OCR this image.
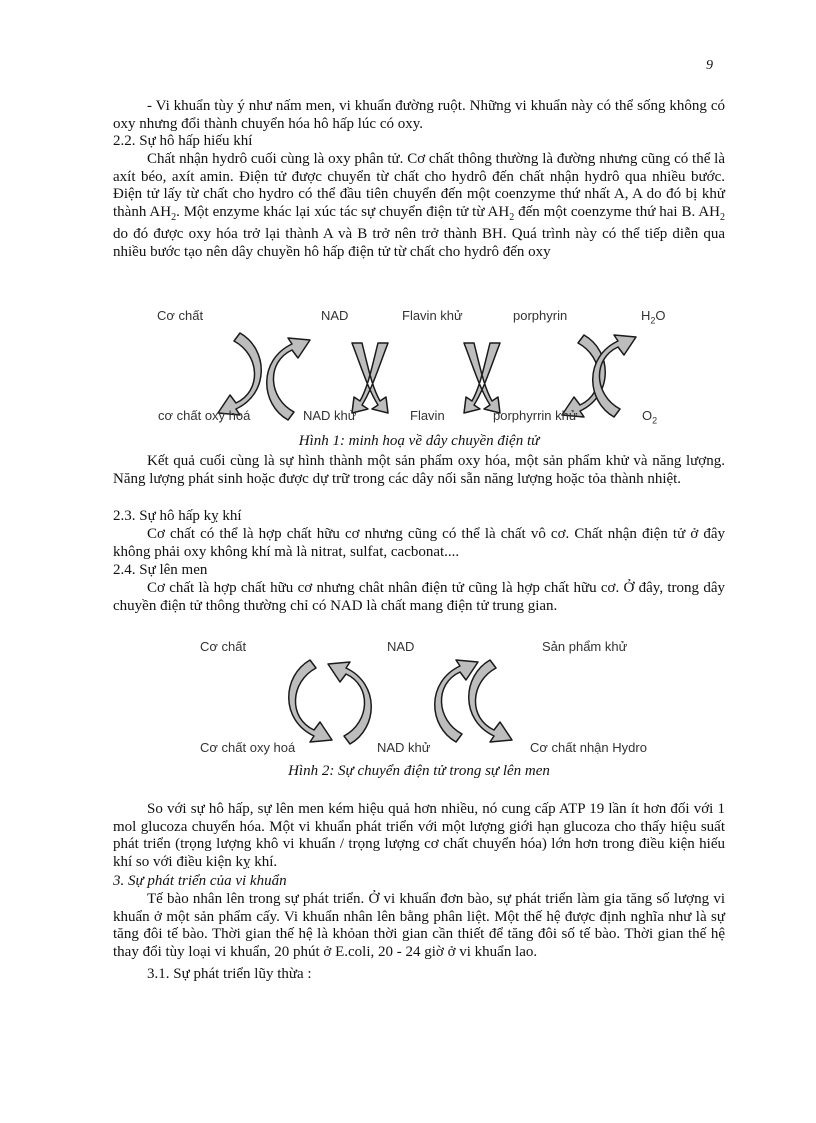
9
- Vi khuẩn tùy ý như nấm men, vi khuẩn đường ruột. Những vi khuẩn này có thể sống không có oxy nhưng đổi thành chuyển hóa hô hấp lúc có oxy.
2.2. Sự hô hấp hiếu khí
Chất nhận hydrô cuối cùng là oxy phân tử. Cơ chất thông thường là đường nhưng cũng có thể là axít béo, axít amin. Điện tử được chuyển từ chất cho hydrô đến chất nhận hydrô qua nhiều bước. Điện tử lấy từ chất cho hydro có thể đầu tiên chuyển đến một coenzyme thứ nhất A, A do đó bị khử thành $AH_2$. Một enzyme khác lại xúc tác sự chuyển điện tử từ $AH_2$ đến một coenzyme thứ hai B. $AH_2$ do đó được oxy hóa trở lại thành A và B trở nên trở thành BH. Quá trình này có thể tiếp diễn qua nhiều bước tạo nên dây chuyền hô hấp điện tử từ chất cho hydrô đến oxy
Cơ chất	NAD	Flavin khử	porphyrin	$H_2O$
cơ chất oxy hoá	NAD khử	Flavin	porphyrrin khử	$O_2$
Hình 1: minh hoạ về dây chuyền điện tử
Kết quả cuối cùng là sự hình thành một sản phẩm oxy hóa, một sản phẩm khử và năng lượng. Năng lượng phát sinh hoặc được dự trữ trong các dây nối sẵn năng lượng hoặc tỏa thành nhiệt.
2.3. Sự hô hấp kỵ khí
Cơ chất có thể là hợp chất hữu cơ nhưng cũng có thể là chất vô cơ. Chất nhận điện tử ở đây không phải oxy không khí mà là nitrat, sulfat, cacbonat....
2.4. Sự lên men
Cơ chất là hợp chất hữu cơ nhưng chât nhân điện tử cũng là hợp chất hữu cơ. Ở đây, trong dây chuyền điện tử thông thường chỉ có NAD là chất mang điện tử trung gian.
Cơ chất	NAD	Sản phẩm khử
Cơ chất oxy hoá	NAD khử	Cơ chất nhận Hydro
Hình 2: Sự chuyển điện tử trong sự lên men
So với sự hô hấp, sự lên men kém hiệu quả hơn nhiều, nó cung cấp ATP 19 lần ít hơn đối với 1 mol glucoza chuyển hóa. Một vi khuẩn phát triển với một lượng giới hạn glucoza cho thấy hiệu suất phát triển (trọng lượng khô vi khuẩn / trọng lượng cơ chất chuyển hóa) lớn hơn trong điều kiện hiếu khí so với điều kiện kỵ khí.
3. Sự phát triển của vi khuẩn
Tế bào nhân lên trong sự phát triển. Ở vi khuẩn đơn bào, sự phát triển làm gia tăng số lượng vi khuẩn ở một sản phẩm cấy. Vi khuẩn nhân lên bằng phân liệt. Một thế hệ được định nghĩa như là sự tăng đôi tế bào. Thời gian thế hệ là khỏan thời gian cần thiết để tăng đôi số tế bào. Thời gian thế hệ thay đổi tùy loại vi khuẩn, 20 phút ở E.coli, 20 - 24 giờ ở vi khuẩn lao.
3.1. Sự phát triển lũy thừa :
